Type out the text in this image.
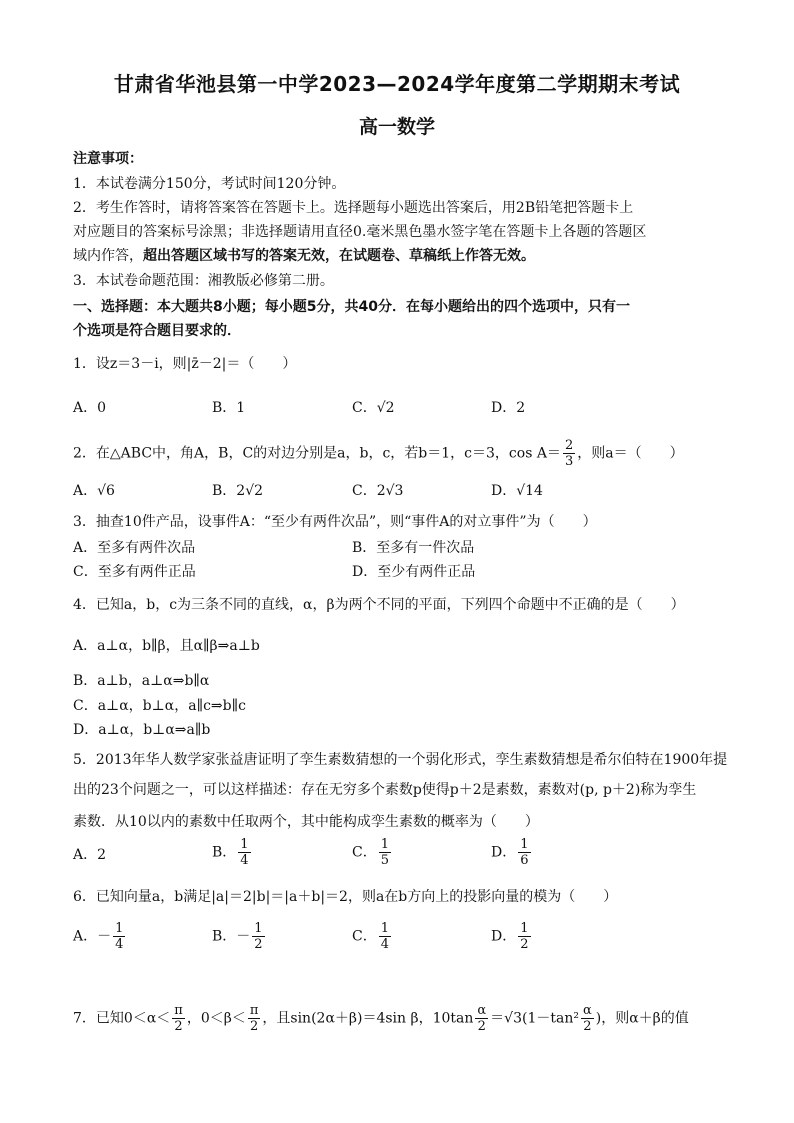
甘肃省华池县第一中学2023—2024学年度第二学期期末考试
高一数学
注意事项：
1．本试卷满分150分，考试时间120分钟。
2．考生作答时，请将答案答在答题卡上。选择题每小题选出答案后，用2B铅笔把答题卡上
对应题目的答案标号涂黑；非选择题请用直径0.毫米黑色墨水签字笔在答题卡上各题的答题区
域内作答，超出答题区域书写的答案无效，在试题卷、草稿纸上作答无效。
3．本试卷命题范围：湘教版必修第二册。
一、选择题：本大题共8小题；每小题5分，共40分．在每小题给出的四个选项中，只有一
个选项是符合题目要求的．
1．设z＝3－i，则|z̄－2|＝（　　）
A．0	B．1	C．√2	D．2
2．在△ABC中，角A，B，C的对边分别是a，b，c，若b＝1，c＝3，$\cos A= \frac{2}{3}$ ，则a＝（　　）
A．√6	B．2√2	C．2√3	D．√14
3．抽查10件产品，设事件A：“至少有两件次品”，则“事件A的对立事件”为（　　）
A．至多有两件次品	B．至多有一件次品
C．至多有两件正品	D．至少有两件正品
4．已知a，b，c为三条不同的直线，α，β为两个不同的平面，下列四个命题中不正确的是（　　）
A．a⊥α，b∥β，且α∥β⇒a⊥b
B．a⊥b，a⊥α⇒b∥α
C．a⊥α，b⊥α，a∥c⇒b∥c
D．a⊥α，b⊥α⇒a∥b
5．2013年华人数学家张益唐证明了孪生素数猜想的一个弱化形式，孪生素数猜想是希尔伯特在1900年提
出的23个问题之一，可以这样描述：存在无穷多个素数p使得p＋2是素数，素数对(p, p＋2)称为孪生
素数．从10以内的素数中任取两个，其中能构成孪生素数的概率为（　　）
A．2	B． $\frac{1}{4}$	C． $\frac{1}{5}$	D． $\frac{1}{6}$
6．已知向量a，b满足|a|＝2|b|＝|a＋b|＝2，则a在b方向上的投影向量的模为（　　）
A．－ $\frac{1}{4}$	B．－ $\frac{1}{2}$	C． $\frac{1}{4}$	D． $\frac{1}{2}$
7．已知$0<\alpha< \frac{\pi}{2}$ ，$0<\beta< \frac{\pi}{2}$ ，且sin(2α＋β)＝4sin β，$10\tan \frac{\alpha}{2} =√3(1-\tan^2 \frac{\alpha}{2}$ )，则α＋β的值
